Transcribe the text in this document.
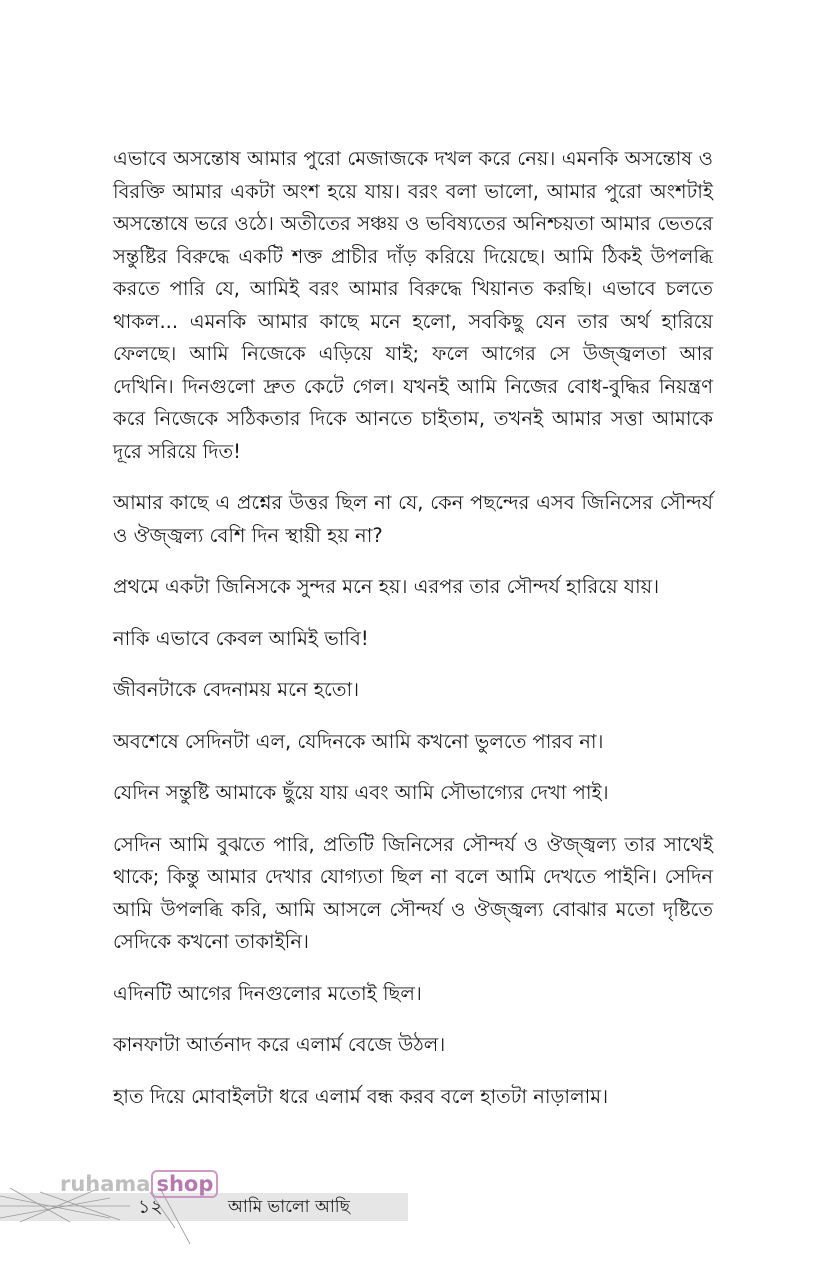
এভাবে অসন্তোষ আমার পুরো মেজাজকে দখল করে নেয়। এমনকি অসন্তোষ ও বিরক্তি আমার একটা অংশ হয়ে যায়। বরং বলা ভালো, আমার পুরো অংশটাই অসন্তোষে ভরে ওঠে। অতীতের সঞ্চয় ও ভবিষ্যতের অনিশ্চয়তা আমার ভেতরে সন্তুষ্টির বিরুদ্ধে একটি শক্ত প্রাচীর দাঁড় করিয়ে দিয়েছে। আমি ঠিকই উপলব্ধি করতে পারি যে, আমিই বরং আমার বিরুদ্ধে খিয়ানত করছি। এভাবে চলতে থাকল... এমনকি আমার কাছে মনে হলো, সবকিছু যেন তার অর্থ হারিয়ে ফেলছে। আমি নিজেকে এড়িয়ে যাই; ফলে আগের সে উজ্জ্বলতা আর দেখিনি। দিনগুলো দ্রুত কেটে গেল। যখনই আমি নিজের বোধ-বুদ্ধির নিয়ন্ত্রণ করে নিজেকে সঠিকতার দিকে আনতে চাইতাম, তখনই আমার সত্তা আমাকে দূরে সরিয়ে দিত!

আমার কাছে এ প্রশ্নের উত্তর ছিল না যে, কেন পছন্দের এসব জিনিসের সৌন্দর্য ও ঔজ্জ্বল্য বেশি দিন স্থায়ী হয় না?

প্রথমে একটা জিনিসকে সুন্দর মনে হয়। এরপর তার সৌন্দর্য হারিয়ে যায়।

নাকি এভাবে কেবল আমিই ভাবি!

জীবনটাকে বেদনাময় মনে হতো।

অবশেষে সেদিনটা এল, যেদিনকে আমি কখনো ভুলতে পারব না।

যেদিন সন্তুষ্টি আমাকে ছুঁয়ে যায় এবং আমি সৌভাগ্যের দেখা পাই।

সেদিন আমি বুঝতে পারি, প্রতিটি জিনিসের সৌন্দর্য ও ঔজ্জ্বল্য তার সাথেই থাকে; কিন্তু আমার দেখার যোগ্যতা ছিল না বলে আমি দেখতে পাইনি। সেদিন আমি উপলব্ধি করি, আমি আসলে সৌন্দর্য ও ঔজ্জ্বল্য বোঝার মতো দৃষ্টিতে সেদিকে কখনো তাকাইনি।

এদিনটি আগের দিনগুলোর মতোই ছিল।

কানফাটা আর্তনাদ করে এলার্ম বেজে উঠল।

হাত দিয়ে মোবাইলটা ধরে এলার্ম বন্ধ করব বলে হাতটা নাড়ালাম।

ruhama shop
১২	আমি ভালো আছি
